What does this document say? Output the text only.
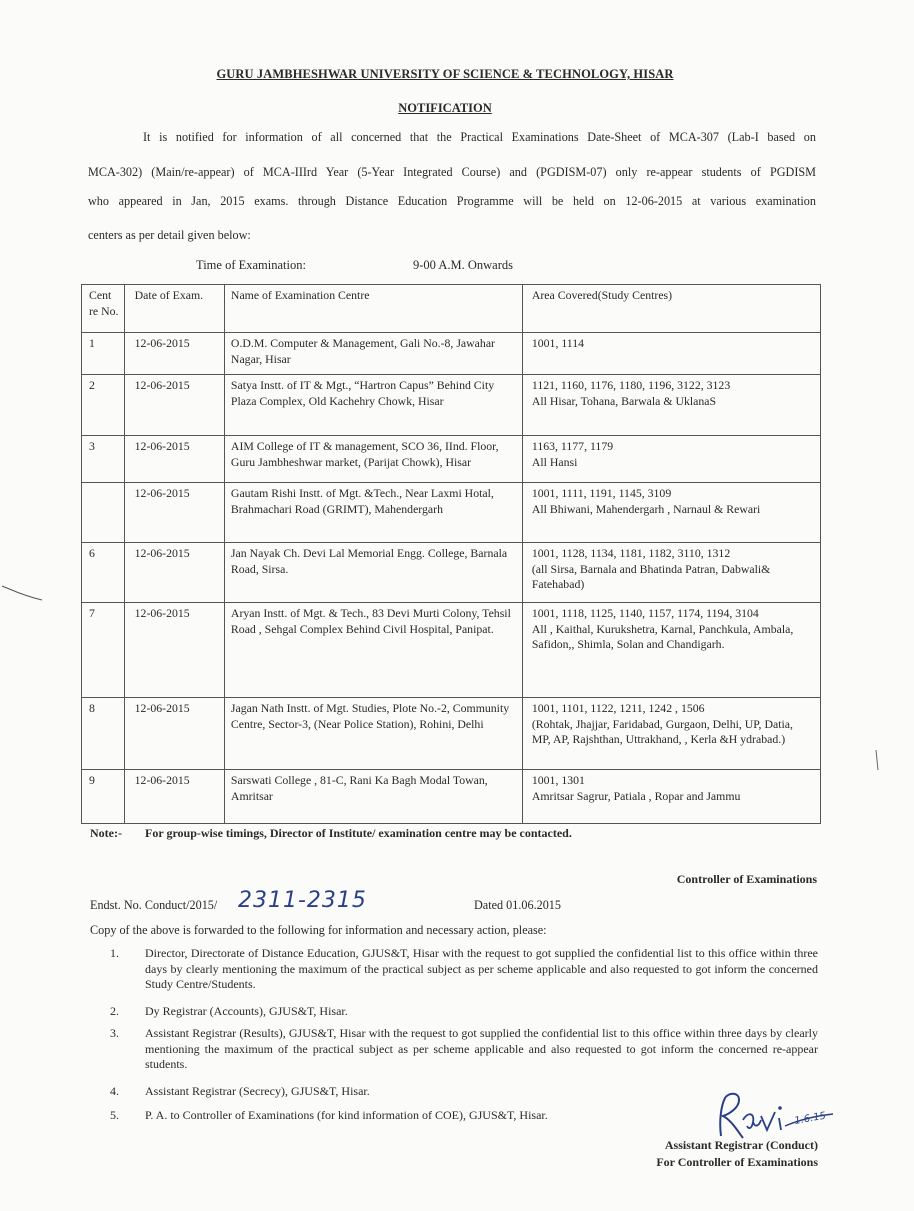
GURU JAMBHESHWAR UNIVERSITY OF SCIENCE & TECHNOLOGY, HISAR
NOTIFICATION
It is notified for information of all concerned that the Practical Examinations Date-Sheet of MCA-307 (Lab-I based on
MCA-302) (Main/re-appear) of MCA-IIIrd Year (5-Year Integrated Course) and (PGDISM-07) only re-appear students of PGDISM
who appeared in Jan, 2015 exams. through Distance Education Programme will be held on 12-06-2015 at various examination
centers as per detail given below:
Time of Examination:	9-00 A.M. Onwards
Cent re No.	Date of Exam.	Name of Examination Centre	Area Covered(Study Centres)
1	12-06-2015	O.D.M. Computer & Management, Gali No.-8, Jawahar Nagar, Hisar	1001, 1114

2	12-06-2015	Satya Instt. of IT & Mgt., “Hartron Capus” Behind City Plaza Complex, Old Kachehry Chowk, Hisar	1121, 1160, 1176, 1180, 1196, 3122, 3123
All Hisar, Tohana, Barwala & UklanaS

3	12-06-2015	AIM College of IT & management, SCO 36, IInd. Floor, Guru Jambheshwar market, (Parijat Chowk), Hisar	1163, 1177, 1179
All Hansi

	12-06-2015	Gautam Rishi Instt. of Mgt. &Tech., Near Laxmi Hotal, Brahmachari Road (GRIMT), Mahendergarh	1001, 1111, 1191, 1145, 3109
All Bhiwani, Mahendergarh , Narnaul & Rewari

6	12-06-2015	Jan Nayak Ch. Devi Lal Memorial Engg. College, Barnala Road, Sirsa.	1001, 1128, 1134, 1181, 1182, 3110, 1312
(all Sirsa, Barnala and Bhatinda Patran, Dabwali& Fatehabad)

7	12-06-2015	Aryan Instt. of Mgt. & Tech., 83 Devi Murti Colony, Tehsil Road , Sehgal Complex Behind Civil Hospital, Panipat.	1001, 1118, 1125, 1140, 1157, 1174, 1194, 3104
All , Kaithal, Kurukshetra, Karnal, Panchkula, Ambala, Safidon,, Shimla, Solan and Chandigarh.

8	12-06-2015	Jagan Nath Instt. of Mgt. Studies, Plote No.-2, Community Centre, Sector-3, (Near Police Station), Rohini, Delhi	1001, 1101, 1122, 1211, 1242 , 1506
(Rohtak, Jhajjar, Faridabad, Gurgaon, Delhi, UP, Datia, MP, AP, Rajshthan, Uttrakhand, , Kerla &H ydrabad.)

9	12-06-2015	Sarswati College , 81-C, Rani Ka Bagh Modal Towan, Amritsar	1001, 1301
Amritsar Sagrur, Patiala , Ropar and Jammu
Note:- For group-wise timings, Director of Institute/ examination centre may be contacted.
Controller of Examinations
Endst. No. Conduct/2015/ 2311-2315	Dated 01.06.2015
Copy of the above is forwarded to the following for information and necessary action, please:
1.	Director, Directorate of Distance Education, GJUS&T, Hisar with the request to got supplied the confidential list to this office within three days by clearly mentioning the maximum of the practical subject as per scheme applicable and also requested to got inform the concerned Study Centre/Students.
2.	Dy Registrar (Accounts), GJUS&T, Hisar.
3.	Assistant Registrar (Results), GJUS&T, Hisar with the request to got supplied the confidential list to this office within three days by clearly mentioning the maximum of the practical subject as per scheme applicable and also requested to got inform the concerned re-appear students.
4.	Assistant Registrar (Secrecy), GJUS&T, Hisar.
5.	P. A. to Controller of Examinations (for kind information of COE), GJUS&T, Hisar.	1.6.15
Assistant Registrar (Conduct)
For Controller of Examinations
